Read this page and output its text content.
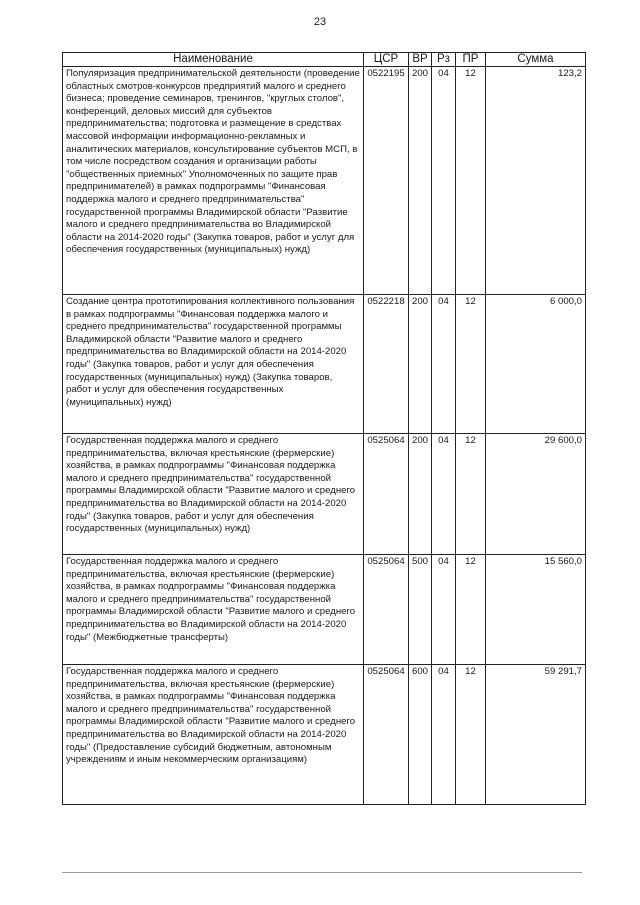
23
Наименование	ЦСР	ВР	Рз	ПР	Сумма
Популяризация предпринимательской деятельности (проведение областных смотров-конкурсов предприятий малого и среднего бизнеса; проведение семинаров, тренингов, "круглых столов", конференций, деловых миссий для субъектов предпринимательства; подготовка и размещение в средствах массовой информации информационно-рекламных и аналитических материалов, консультирование субъектов МСП, в том числе посредством создания и организации работы "общественных приемных" Уполномоченных по защите прав предпринимателей) в рамках подпрограммы "Финансовая поддержка малого и среднего предпринимательства" государственной программы Владимирской области "Развитие малого и среднего предпринимательства во Владимирской области на 2014-2020 годы" (Закупка товаров, работ и услуг для обеспечения государственных (муниципальных) нужд)	0522195	200	04	12	123,2
Создание центра прототипирования коллективного пользования в рамках подпрограммы "Финансовая поддержка малого и среднего предпринимательства" государственной программы Владимирской области "Развитие малого и среднего предпринимательства во Владимирской области на 2014-2020 годы" (Закупка товаров, работ и услуг для обеспечения государственных (муниципальных) нужд) (Закупка товаров, работ и услуг для обеспечения государственных (муниципальных) нужд)	0522218	200	04	12	6 000,0
Государственная поддержка малого и среднего предпринимательства, включая крестьянские (фермерские) хозяйства, в рамках подпрограммы "Финансовая поддержка малого и среднего предпринимательства" государственной программы Владимирской области "Развитие малого и среднего предпринимательства во Владимирской области на 2014-2020 годы" (Закупка товаров, работ и услуг для обеспечения государственных (муниципальных) нужд)	0525064	200	04	12	29 600,0
Государственная поддержка малого и среднего предпринимательства, включая крестьянские (фермерские) хозяйства, в рамках подпрограммы "Финансовая поддержка малого и среднего предпринимательства" государственной программы Владимирской области "Развитие малого и среднего предпринимательства во Владимирской области на 2014-2020 годы" (Межбюджетные трансферты)	0525064	500	04	12	15 560,0
Государственная поддержка малого и среднего предпринимательства, включая крестьянские (фермерские) хозяйства, в рамках подпрограммы "Финансовая поддержка малого и среднего предпринимательства" государственной программы Владимирской области "Развитие малого и среднего предпринимательства во Владимирской области на 2014-2020 годы" (Предоставление субсидий бюджетным, автономным учреждениям и иным некоммерческим организациям)	0525064	600	04	12	59 291,7
